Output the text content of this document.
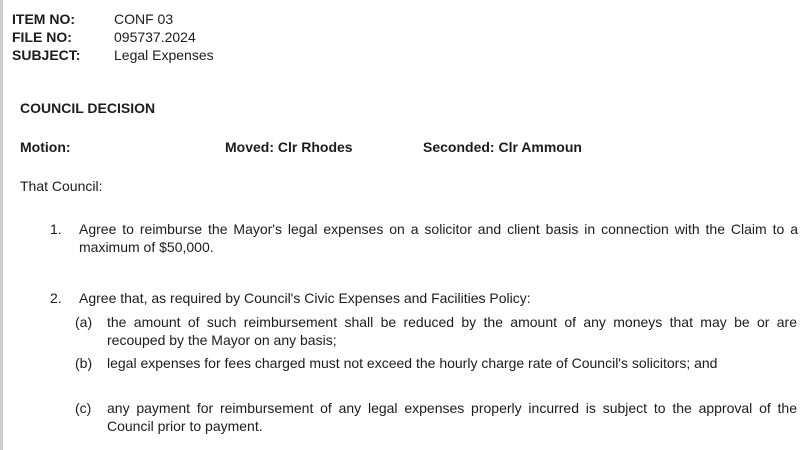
ITEM NO:	CONF 03
FILE NO:	095737.2024
SUBJECT:	Legal Expenses
COUNCIL DECISION
Motion:	Moved: Clr Rhodes	Seconded: Clr Ammoun
That Council:
1. Agree to reimburse the Mayor's legal expenses on a solicitor and client basis in connection with the Claim to a maximum of $50,000.
2. Agree that, as required by Council's Civic Expenses and Facilities Policy:
(a) the amount of such reimbursement shall be reduced by the amount of any moneys that may be or are recouped by the Mayor on any basis;
(b) legal expenses for fees charged must not exceed the hourly charge rate of Council's solicitors; and
(c) any payment for reimbursement of any legal expenses properly incurred is subject to the approval of the Council prior to payment.
